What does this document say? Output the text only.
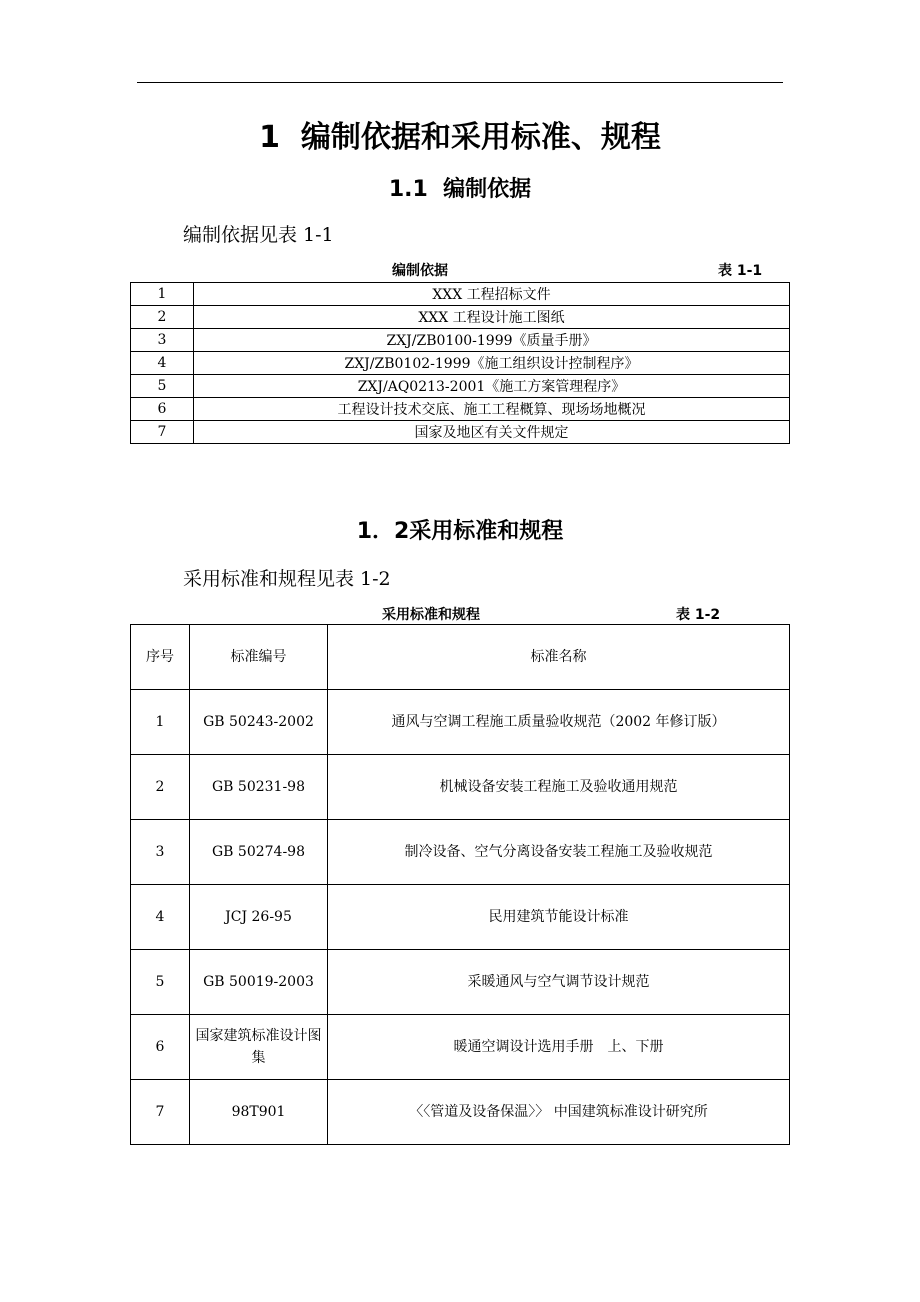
1  编制依据和采用标准、规程
1.1  编制依据
编制依据见表 1-1
编制依据	表 1-1
1	XXX 工程招标文件
2	XXX 工程设计施工图纸
3	ZXJ/ZB0100-1999《质量手册》
4	ZXJ/ZB0102-1999《施工组织设计控制程序》
5	ZXJ/AQ0213-2001《施工方案管理程序》
6	工程设计技术交底、施工工程概算、现场场地概况
7	国家及地区有关文件规定
1．2采用标准和规程
采用标准和规程见表 1-2
采用标准和规程	表 1-2
序号	标准编号	标准名称
1	GB 50243-2002	通风与空调工程施工质量验收规范（2002 年修订版）
2	GB 50231-98	机械设备安装工程施工及验收通用规范
3	GB 50274-98	制冷设备、空气分离设备安装工程施工及验收规范
4	JCJ 26-95	民用建筑节能设计标准
5	GB 50019-2003	采暖通风与空气调节设计规范
6	国家建筑标准设计图集	暖通空调设计选用手册　上、下册
7	98T901	〈〈管道及设备保温〉〉 中国建筑标准设计研究所
